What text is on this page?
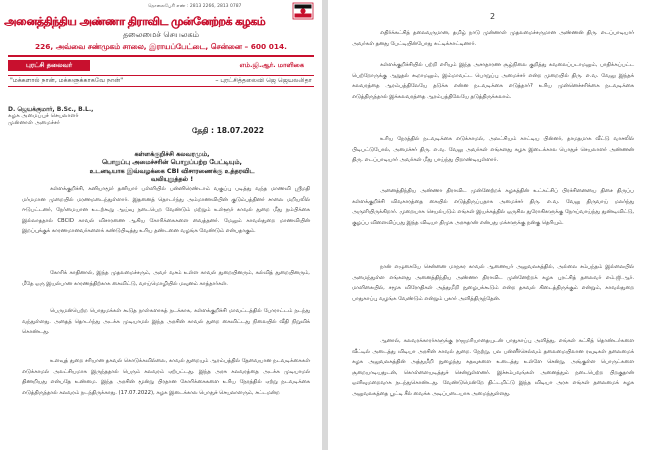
தொலைபேசி எண் : 2813 2266, 2813 0787
அனைத்திந்திய அண்ணா திராவிட முன்னேற்றக் கழகம்
தலைமைச் செயலகம்
226, அவ்வை சண்முகம் சாலை, இராயப்பேட்டை, சென்னை – 600 014.
புரட்சி தலைவர்	எம்.ஜி.ஆர். மாளிகை
"மக்களால் நான், மக்களுக்காகவே நான்"	– புரட்சித்தலைவி ஜெ ஜெயலலிதா
D. ஜெயக்குமார், B.Sc., B.L.,
கழக அமைப்புச் செயலாளர்
முன்னாள் அமைச்சர்
தேதி : 18.07.2022
கள்ளக்குறிச்சி கலவரமும்,
பொறுப்பு அமைச்சரின் பொறுப்பற்ற பேட்டியும்,
உடனடியாக இவ்வழக்கை CBI விசாரணைக்கு உத்தரவிட வலியுறுத்தல் !

கள்ளக்குறிச்சி, கனியாமூர் தனியார் பள்ளியில் பன்னிரெண்டாம் வகுப்பு படித்து வந்த மாணவி ஸ்ரீமதி மர்மமான முறையில் மரணமடைந்துள்ளார். இதனைத் தொடர்ந்து அம்மாணவியின் குடும்பத்தினர் சாலை மறியலில் ஈடுபட்டனர், நேர்மையான உடற்கூறு ஆய்வு நடைபெற வேண்டும் மற்றும் உள்ளூர் காவல் துறை மீது நம்பிக்கை இல்லாததால் CBCID காவல் விசாரணை ஆகிய கோரிக்கைகளை வைத்தனர். மேலும் காவல்துறை மாணவியின் இறப்புக்குக் காரணமானவர்களைக் கண்டுபிடித்து உரிய தண்டனை வழங்க வேண்டும் என்பதாகும்.

கோரிக் காதினால், இந்த முதலமைச்சரும், அவர் வசம் உள்ள காவல் துறையினரும், கல்வித் துறையினரும், மீதே ஒரு இயல்பான காரணத்திற்காக கைவிட்டு, வாய்மொழியில் மவுனம் காத்தார்கள்.

பெருமன்பெற்ற பொதுமக்கள் கூடுத நாள்களாகத் நடக்காக, கள்ளக்குறிச்சி மாவட்டத்தில் போராட்டம் நடந்து வந்துள்ளது. அதைத் தொடர்ந்து அடக்க முடியாமல் இந்த அரசின் காவல் துறை கைவிட்டது நிலையில் வீதி நிறுவிக் கொண்டது.

உளவுத் துறை சரியான தகவல் கொடுக்கவில்லை, காவல் துறையும் ஆரம்பத்தில் தேவையான நடவடிக்கைகள் எடுக்காமல் அலட்சியமாக இருந்ததால் பெரும் கலவரம் ஏற்பட்டது. இந்த அரசு கலவரத்தை அடக்க முடியாமல் திணறியது என்பதே உண்மை. இந்த அரசின் மூன்று பிரதான கோரிக்கைகளை உரிய நேரத்தில் ஏற்று நடவடிக்கை எடுத்திருந்தால் கலவரம் நடந்திருக்காது. (17.07.2022), கழக இடைக்கால பொதுச் செயலாளரும், சட்டமன்ற

2

எதிர்க்கட்சித் தலைவருமான, தமிழ் நாடு முன்னாள் முதலமைச்சருமான அண்ணன் திரு. எடப்பாடியார் அவர்கள் தனது பேட்டியின்போது சுட்டிக்காட்டினார்.

கள்ளக்குறிச்சியில் பற்றி எரியும் இந்த அசாதாரண சூழ்நிலை குறித்து கவலைப்படாமலும், பாதிக்கப்பட்ட பெற்றோருக்கு ஆறுதல் கூறாமலும், இம்மாவட்ட பொறுப்பு அமைச்சர் என்ற முறையில் திரு. எ.வ. வேலு இந்தக் கலவரத்தை ஆரம்பத்திலேயே தடுக்க என்ன நடவடிக்கை எடுத்தார்? உரிய முன்னெச்சரிக்கை நடவடிக்கை எடுத்திருந்தால் இக்கலவரத்தை ஆரம்பத்திலேயே தடுத்திருக்கலாம்.

உரிய நேரத்தில் நடவடிக்கை எடுக்காமல், அலட்சியம் காட்டிய பின்னர், தாமதமாக வீட்டு வாசலில் பிடிபட்டுபோல், அமைச்சர் திரு. எ.வ. வேலு அவர்கள் எங்களது கழக இடைக்கால பொதுச் செயலாளர் அண்ணன் திரு. எடப்பாடியார் அவர்கள் மீது பாய்ந்து பிறாண்டியுள்ளார்.

அனைத்திந்திய அண்ணா திராவிட முன்னேற்றக் கழகத்தின் உட்கட்சிப் பிரச்சினையை திசை திருப்ப கள்ளக்குறிச்சி விவகாரத்தை கையில் எடுத்திருப்பதாக அமைச்சர் திரு. எ.வ. வேலு திருவாய் மலர்ந்து அருளியிருக்கிறார். முறையாக செயல்படும் எங்கள் இயக்கத்தில் ஒருசில துரோகிகளுக்கு நோய்வாய்ந்து துண்டிவிட்டு, குழப்ப விளைவிப்பது இந்த விடியா திமுக அரசுதான் என்பது மக்களுக்கு நன்கு தெரியும்.

நான் எழுகையே சென்னை மாநகர காவல் ஆணையர் அலுவலகத்தில், அல்லை சம்பந்தம் இல்லையில் அமைந்துள்ள எங்களது அனைத்திந்திய அண்ணா திராவிட முன்னேற்றக் கழக புரட்சித் தலைவர் எம்.ஜி.ஆர். மாளிகையில், சமூக விரோதிகள் அத்துமீறி நுழைபக்கூடும் என்ற தகவல் கிடைத்திருக்கும் என்றும், காவல்துறை பாதுகாப்பு வழங்க வேண்டும் என்றும் புகார் அளித்திருந்தேன்.

ஆனால், கலவரக்காரர்களுக்கு ராஜமரியாதையுடன் பாதுகாப்பு அளித்து, எங்கள் கட்சித் தொண்டர்களை வீட்டில் அடைத்து விடியா அரசின் காவல் துறை. நேற்று, பல பன்னீர்செல்வம் தலைமையிலான ரவுடிகள் தலைமைக் கழக அலுவலகத்தின் அத்துமீறி நுழைந்து கதவுகளை உடைத்து உள்ளே சென்று, அங்குள்ள பொருட்களை சூறையாடியதுடன், கொள்ளையடித்துச் சென்றுள்ளனர். இச்சம்பவங்கள் அனைத்தும் நடைபெற்ற பிறகுதான் ஒளிவுமறைவாக நடந்துகொண்டது. வேண்டுமென்றே திட்டமிட்டு இந்த விடியா அரசு எங்கள் தலைமைக் கழக அலுவலகத்தை பூட்டி சீல் வைக்க அடிப்படையாக அமைந்துள்ளது.
